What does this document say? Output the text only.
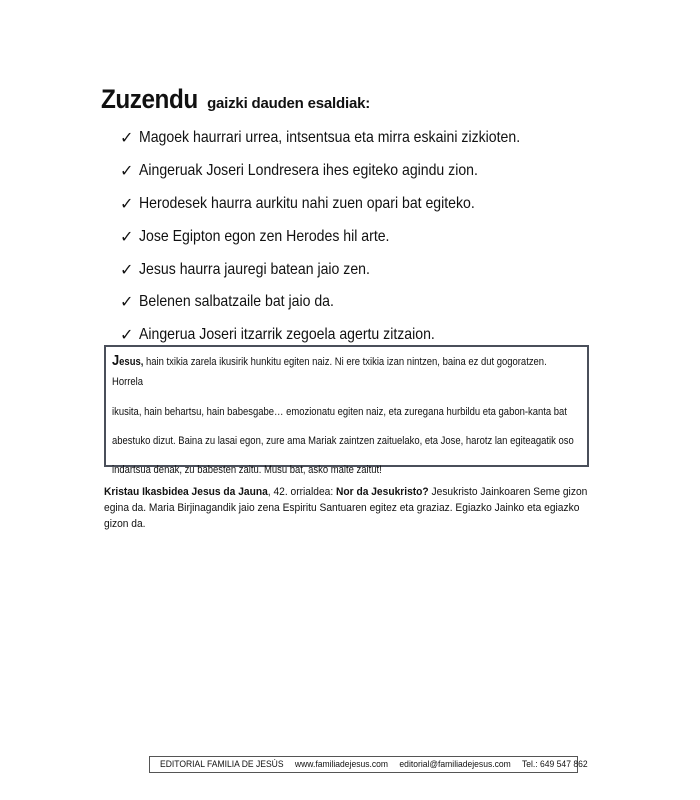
Zuzendu gaizki dauden esaldiak:
✓ Magoek haurrari urrea, intsentsua eta mirra eskaini zizkioten.
✓ Aingeruak Joseri Londresera ihes egiteko agindu zion.
✓ Herodesek haurra aurkitu nahi zuen opari bat egiteko.
✓ Jose Egipton egon zen Herodes hil arte.
✓ Jesus haurra jauregi batean jaio zen.
✓ Belenen salbatzaile bat jaio da.
✓ Aingerua Joseri itzarrik zegoela agertu zitzaion.
Jesus, hain txikia zarela ikusirik hunkitu egiten naiz. Ni ere txikia izan nintzen, baina ez dut gogoratzen. Horrela
ikusita, hain behartsu, hain babesgabe… emozionatu egiten naiz, eta zuregana hurbildu eta gabon-kanta bat abestuko dizut. Baina zu lasai egon, zure ama Mariak zaintzen zaituelako, eta Jose, harotz lan egiteagatik oso indartsua denak, zu babesten zaitu. Musu bat, asko maite zaitut!
Kristau Ikasbidea Jesus da Jauna, 42. orrialdea: Nor da Jesukristo? Jesukristo Jainkoaren Seme gizon egina da. Maria Birjinagandik jaio zena Espiritu Santuaren egitez eta graziaz. Egiazko Jainko eta egiazko gizon da.
EDITORIAL FAMILIA DE JESÚS www.familiadejesus.com editorial@familiadejesus.com Tel.: 649 547 862
